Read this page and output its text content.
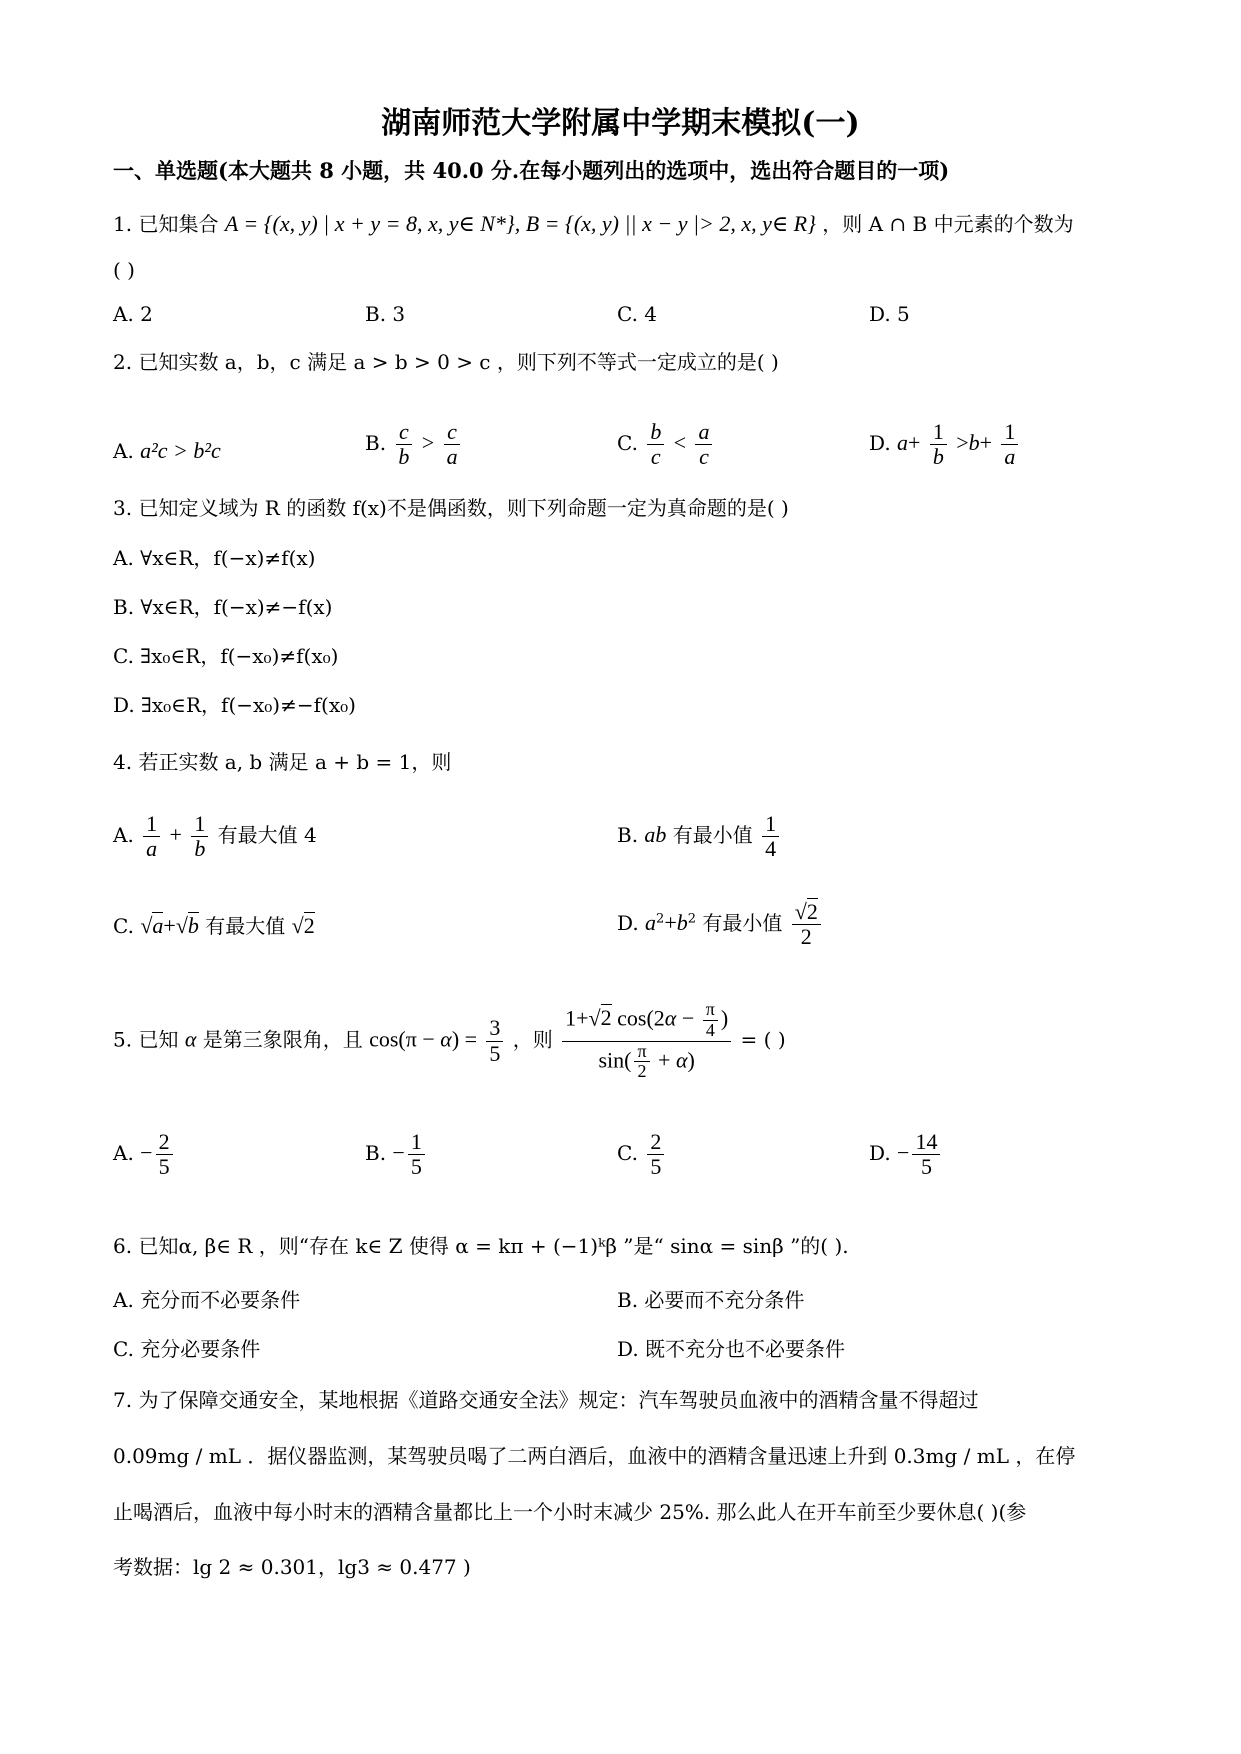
湖南师范大学附属中学期末模拟(一)
一、单选题(本大题共 8 小题，共 40.0 分.在每小题列出的选项中，选出符合题目的一项)
1. 已知集合 A = {(x, y) | x + y = 8, x, y∈ N*}, B = {(x, y) || x − y |> 2, x, y∈ R} ，则 A ∩ B 中元素的个数为
( )
A. 2	B. 3	C. 4	D. 5
2. 已知实数 a，b，c 满足 a > b > 0 > c ，则下列不等式一定成立的是( )
A. a²c > b²c	B. $\frac{c}{b} > \frac{c}{a}$	C. $\frac{b}{c} < \frac{a}{c}$	D. $a+ \frac{1}{b} >b+ \frac{1}{a}$
3. 已知定义域为 R 的函数 f(x)不是偶函数，则下列命题一定为真命题的是( )
A. ∀x∈R，f(−x)≠f(x)
B. ∀x∈R，f(−x)≠−f(x)
C. ∃x₀∈R，f(−x₀)≠f(x₀)
D. ∃x₀∈R，f(−x₀)≠−f(x₀)
4. 若正实数 a, b 满足 a + b = 1，则
A. $\frac{1}{a} + \frac{1}{b}$ 有最大值 4	B. ab 有最小值 $\frac{1}{4}$
C. √a+√b 有最大值 √2	D. $a^2+b^2$ 有最小值 $\frac{√2}{2}$
5. 已知 α 是第三象限角，且 $\cos(\pi - \alpha) = \frac{3}{5}$ ，则 $\frac{1+√2 \cos(2\alpha - \frac{\pi}{4} )}{\sin( \frac{\pi}{2} + \alpha)}$ = ( )
A. − $\frac{2}{5}$	B. − $\frac{1}{5}$	C. $\frac{2}{5}$	D. − $\frac{14}{5}$
6. 已知α, β∈ R ，则“存在 k∈ Z 使得 α = kπ + (−1)ᵏβ ”是“ sinα = sinβ ”的( ).
A. 充分而不必要条件	B. 必要而不充分条件
C. 充分必要条件	D. 既不充分也不必要条件
7. 为了保障交通安全，某地根据《道路交通安全法》规定：汽车驾驶员血液中的酒精含量不得超过
0.09mg / mL ．据仪器监测，某驾驶员喝了二两白酒后，血液中的酒精含量迅速上升到 0.3mg / mL ，在停
止喝酒后，血液中每小时末的酒精含量都比上一个小时末减少 25%. 那么此人在开车前至少要休息( )(参
考数据：lg 2 ≈ 0.301，lg3 ≈ 0.477 )
